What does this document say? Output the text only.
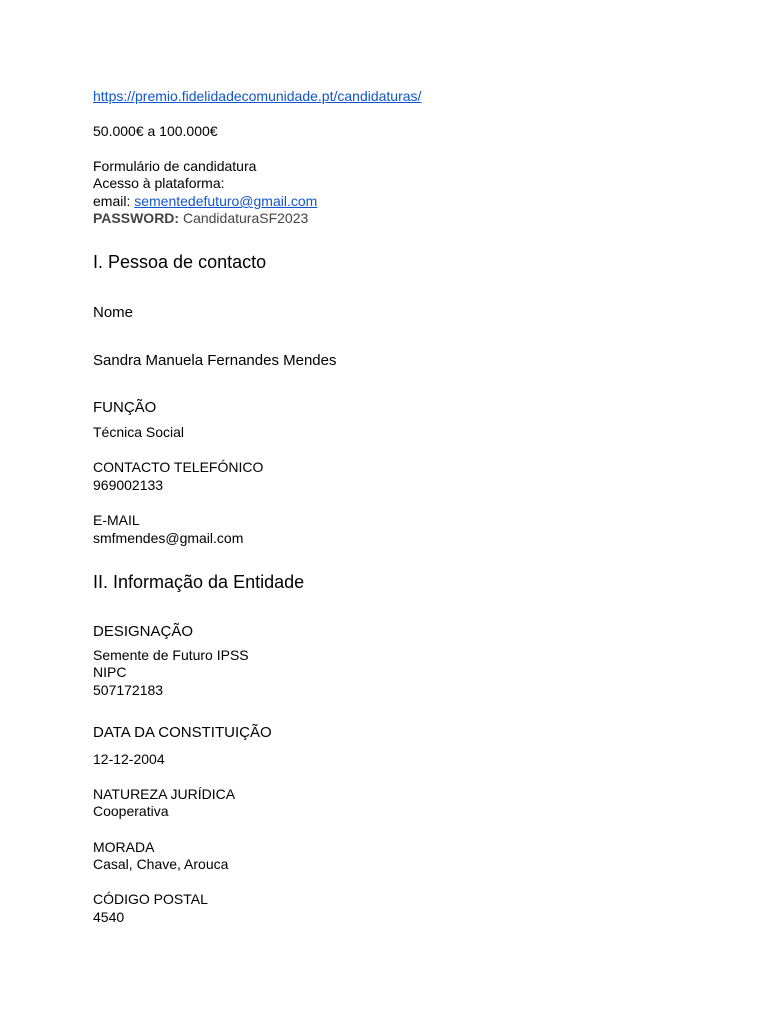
https://premio.fidelidadecomunidade.pt/candidaturas/
50.000€ a 100.000€
Formulário de candidatura
Acesso à plataforma:
email: sementedefuturo@gmail.com
PASSWORD: CandidaturaSF2023
I. Pessoa de contacto
Nome
Sandra Manuela Fernandes Mendes
FUNÇÃO
Técnica Social
CONTACTO TELEFÓNICO
969002133
E-MAIL
smfmendes@gmail.com
II. Informação da Entidade
DESIGNAÇÃO
Semente de Futuro IPSS
NIPC
507172183
DATA DA CONSTITUIÇÃO
12-12-2004
NATUREZA JURÍDICA
Cooperativa
MORADA
Casal, Chave, Arouca
CÓDIGO POSTAL
4540
